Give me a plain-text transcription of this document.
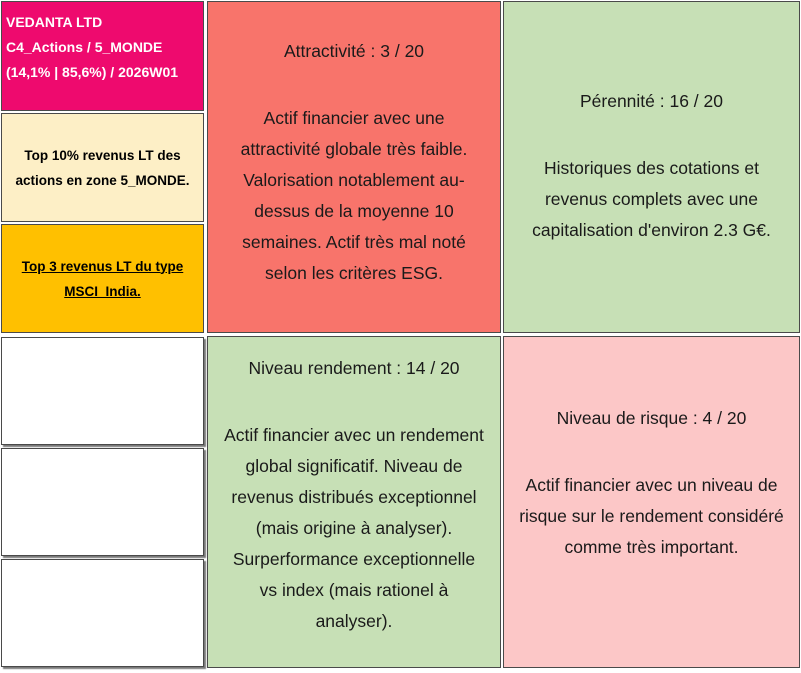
VEDANTA LTD
C4_Actions / 5_MONDE
(14,1% | 85,6%) / 2026W01
Top 10% revenus LT des actions en zone 5_MONDE.
Top 3 revenus LT du type MSCI_India.
Attractivité : 3 / 20
Actif financier avec une attractivité globale très faible. Valorisation notablement au-dessus de la moyenne 10 semaines. Actif très mal noté selon les critères ESG.
Pérennité : 16 / 20
Historiques des cotations et revenus complets avec une capitalisation d'environ 2.3 G€.
Niveau rendement : 14 / 20
Actif financier avec un rendement global significatif. Niveau de revenus distribués exceptionnel (mais origine à analyser). Surperformance exceptionnelle vs index (mais rationel à analyser).
Niveau de risque : 4 / 20
Actif financier avec un niveau de risque sur le rendement considéré comme très important.
